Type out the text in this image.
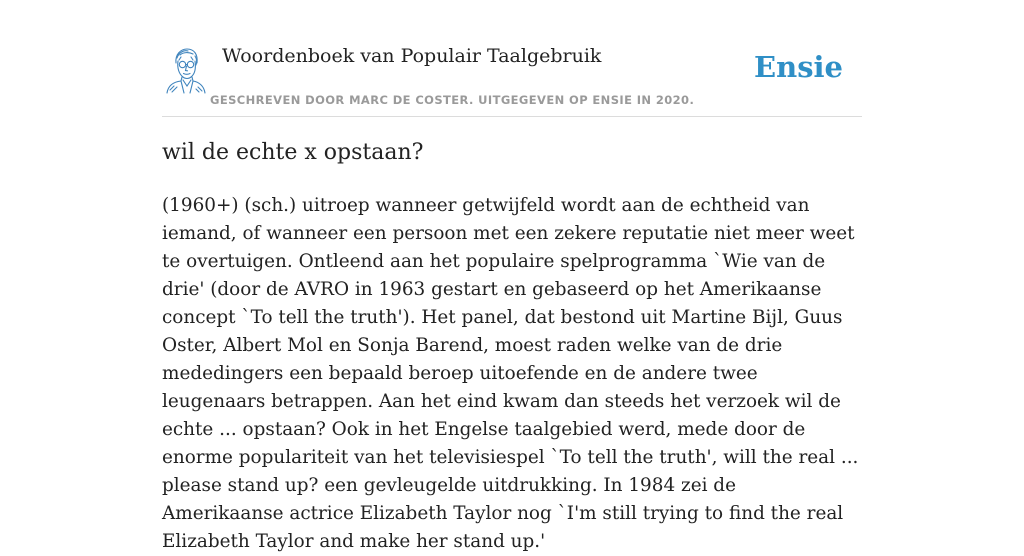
Woordenboek van Populair Taalgebruik
GESCHREVEN DOOR MARC DE COSTER. UITGEGEVEN OP ENSIE IN 2020.
Ensie
wil de echte x opstaan?

(1960+) (sch.) uitroep wanneer getwijfeld wordt aan de echtheid van iemand, of wanneer een persoon met een zekere reputatie niet meer weet te overtuigen. Ontleend aan het populaire spelprogramma `Wie van de drie' (door de AVRO in 1963 gestart en gebaseerd op het Amerikaanse concept `To tell the truth'). Het panel, dat bestond uit Martine Bijl, Guus Oster, Albert Mol en Sonja Barend, moest raden welke van de drie mededingers een bepaald beroep uitoefende en de andere twee leugenaars betrappen. Aan het eind kwam dan steeds het verzoek wil de echte ... opstaan? Ook in het Engelse taalgebied werd, mede door de enorme populariteit van het televisiespel `To tell the truth', will the real ... please stand up? een gevleugelde uitdrukking. In 1984 zei de Amerikaanse actrice Elizabeth Taylor nog `I'm still trying to find the real Elizabeth Taylor and make her stand up.'
